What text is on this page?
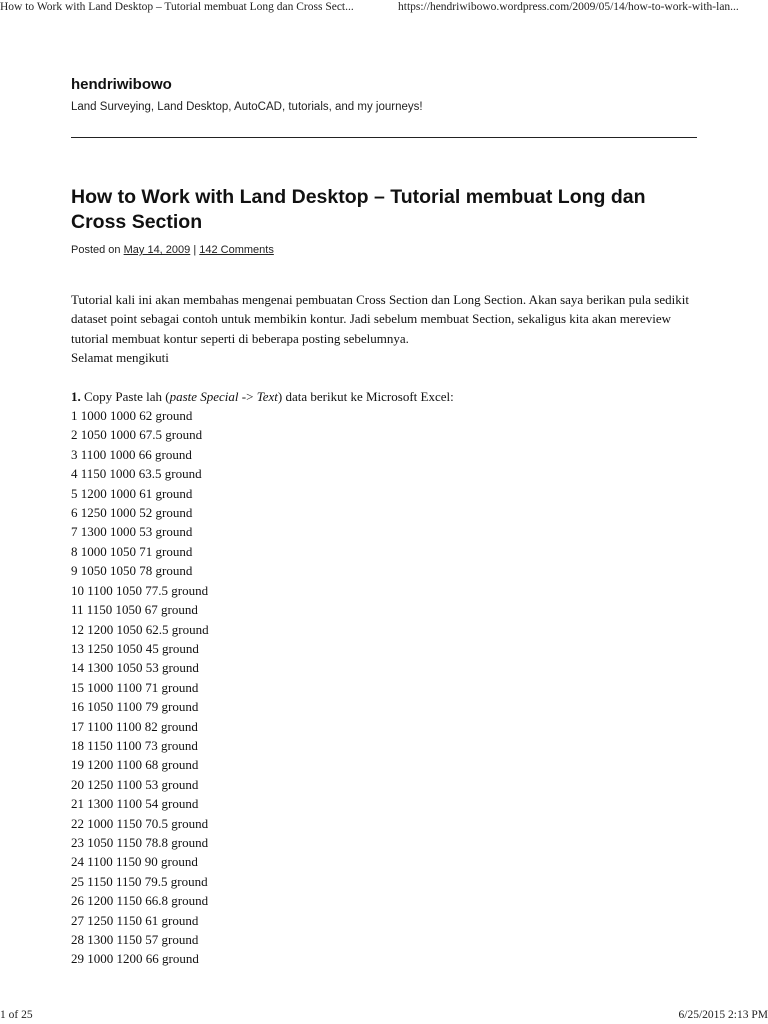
How to Work with Land Desktop – Tutorial membuat Long dan Cross Sect...	https://hendriwibowo.wordpress.com/2009/05/14/how-to-work-with-lan...
hendriwibowo
Land Surveying, Land Desktop, AutoCAD, tutorials, and my journeys!
How to Work with Land Desktop – Tutorial membuat Long dan Cross Section
Posted on May 14, 2009 | 142 Comments

Tutorial kali ini akan membahas mengenai pembuatan Cross Section dan Long Section. Akan saya berikan pula sedikit dataset point sebagai contoh untuk membikin kontur. Jadi sebelum membuat Section, sekaligus kita akan mereview tutorial membuat kontur seperti di beberapa posting sebelumnya.

Selamat mengikuti

1. Copy Paste lah (paste Special -> Text) data berikut ke Microsoft Excel:

1 1000 1000 62 ground

2 1050 1000 67.5 ground

3 1100 1000 66 ground

4 1150 1000 63.5 ground

5 1200 1000 61 ground

6 1250 1000 52 ground

7 1300 1000 53 ground

8 1000 1050 71 ground

9 1050 1050 78 ground

10 1100 1050 77.5 ground

11 1150 1050 67 ground

12 1200 1050 62.5 ground

13 1250 1050 45 ground

14 1300 1050 53 ground

15 1000 1100 71 ground

16 1050 1100 79 ground

17 1100 1100 82 ground

18 1150 1100 73 ground

19 1200 1100 68 ground

20 1250 1100 53 ground

21 1300 1100 54 ground

22 1000 1150 70.5 ground

23 1050 1150 78.8 ground

24 1100 1150 90 ground

25 1150 1150 79.5 ground

26 1200 1150 66.8 ground

27 1250 1150 61 ground

28 1300 1150 57 ground

29 1000 1200 66 ground

1 of 25	6/25/2015 2:13 PM
